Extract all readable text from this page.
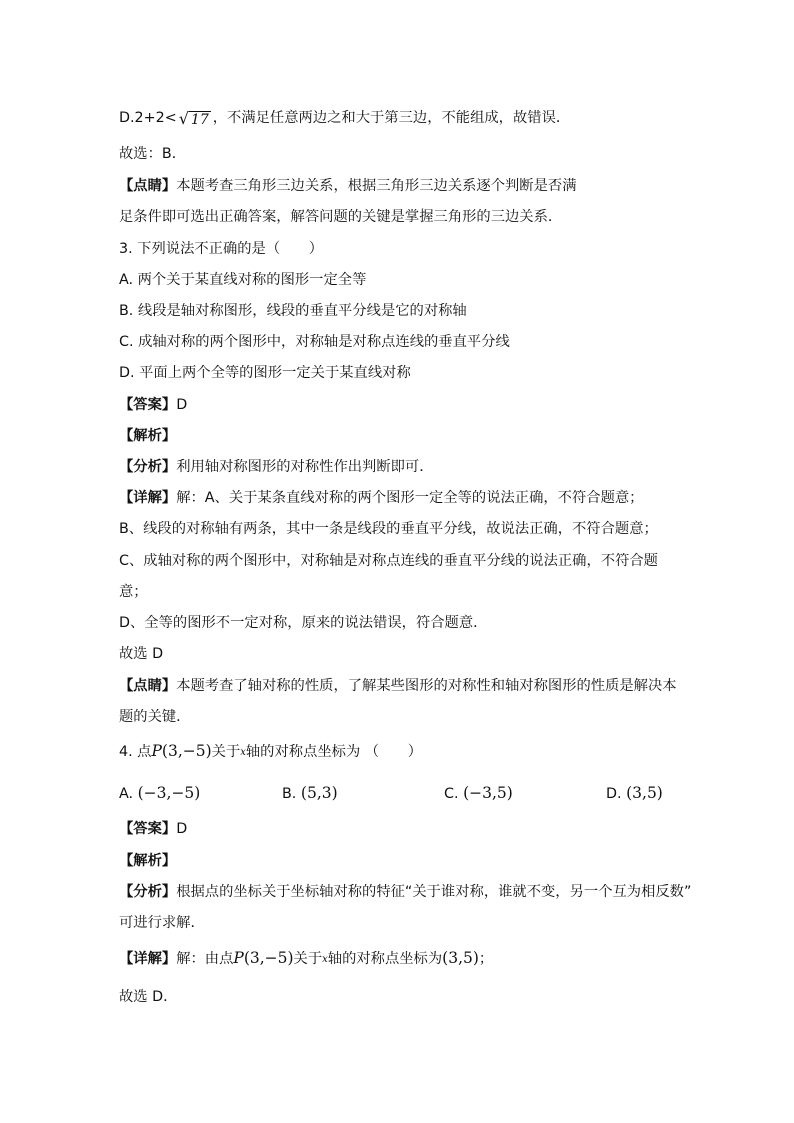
D.2+2< √ 17 ，不满足任意两边之和大于第三边，不能组成，故错误．
故选：B．
【点睛】本题考查三角形三边关系，根据三角形三边关系逐个判断是否满
足条件即可选出正确答案，解答问题的关键是掌握三角形的三边关系．
3. 下列说法不正确的是（　　）
A. 两个关于某直线对称的图形一定全等
B. 线段是轴对称图形，线段的垂直平分线是它的对称轴
C. 成轴对称的两个图形中，对称轴是对称点连线的垂直平分线
D. 平面上两个全等的图形一定关于某直线对称
【答案】D
【解析】
【分析】利用轴对称图形的对称性作出判断即可．
【详解】解：A、关于某条直线对称的两个图形一定全等的说法正确，不符合题意；
B、线段的对称轴有两条，其中一条是线段的垂直平分线，故说法正确，不符合题意；
C、成轴对称的两个图形中，对称轴是对称点连线的垂直平分线的说法正确，不符合题
意；
D、全等的图形不一定对称，原来的说法错误，符合题意．
故选 D
【点睛】本题考查了轴对称的性质，了解某些图形的对称性和轴对称图形的性质是解决本
题的关键．
4. 点P(3,−5)关于x轴的对称点坐标为 （　　）
A. (−3,−5)	B. (5,3)	C. (−3,5)	D. (3,5)
【答案】D
【解析】
【分析】根据点的坐标关于坐标轴对称的特征“关于谁对称，谁就不变，另一个互为相反数”
可进行求解．
【详解】解：由点P(3,−5)关于x轴的对称点坐标为(3,5)；
故选 D．
